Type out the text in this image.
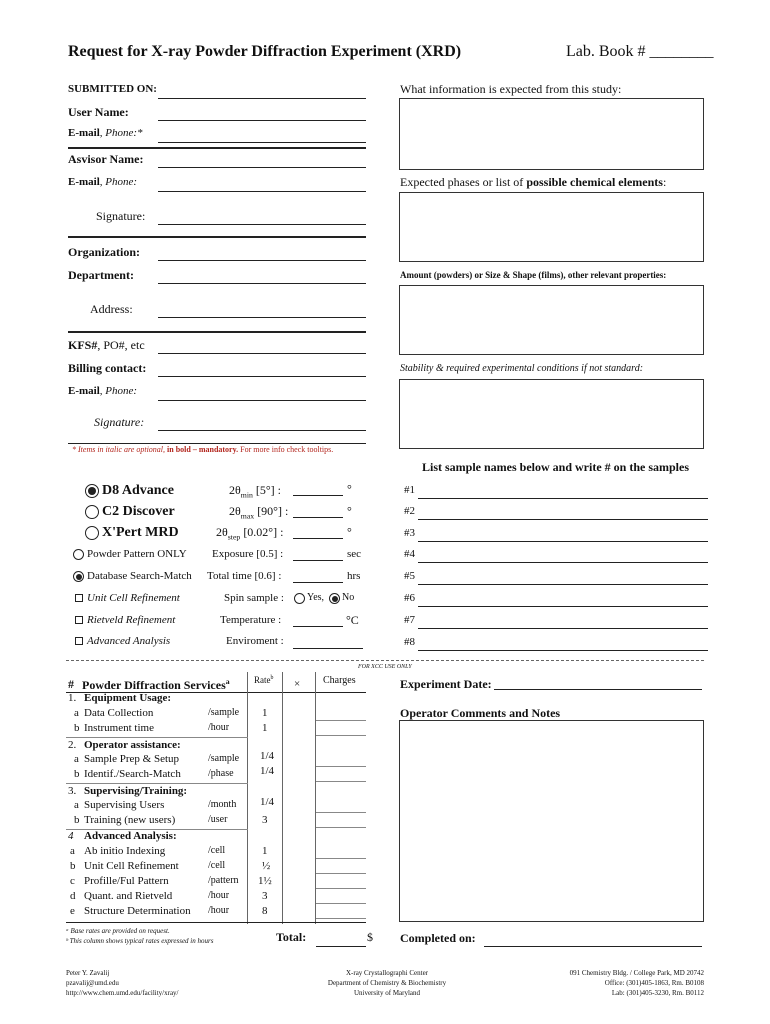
Request for X-ray Powder Diffraction Experiment (XRD)	Lab. Book # ________
SUBMITTED ON:
User Name:
E-mail, Phone:*
Asvisor Name:
E-mail, Phone:
Signature:
Organization:
Department:
Address:
KFS#, PO#, etc
Billing contact:
E-mail, Phone:
Signature:
* Items in italic are optional, in bold – mandatory. For more info check tooltips.
What information is expected from this study:
Expected phases or list of possible chemical elements:
Amount (powders) or Size & Shape (films), other relevant properties:
Stability & required experimental conditions if not standard:
List sample names below and write # on the samples
D8 Advance
C2 Discover
X'Pert MRD
Powder Pattern ONLY
Database Search-Match
Unit Cell Refinement
Rietveld Refinement
Advanced Analysis
$2\theta_{min}$ [5°] :	°
$2\theta_{max}$ [90°] :	°
$2\theta_{step}$ [0.02°] :	°
Exposure [0.5] :	sec
Total time [0.6] :	hrs
Spin sample : Yes, No
Temperature :	°C
Enviroment :
#1
#2
#3
#4
#5
#6
#7
#8
FOR XCC USE ONLY
# Powder Diffraction Services$^a$	Rate$^b$ × Charges
1. Equipment Usage:
a Data Collection	/sample 1
b Instrument time	/hour	1
2. Operator assistance:
a Sample Prep & Setup	/sample 1/4
b Identif./Search-Match	/phase 1/4
3. Supervising/Training:
a Supervising Users	/month 1/4
b Training (new users)	/user	3
4 Advanced Analysis:
a Ab initio Indexing	/cell	1
b Unit Cell Refinement	/cell	½
c Profille/Ful Pattern	/pattern 1½
d Quant. and Rietveld	/hour	3
e Structure Determination /hour	8
ᵃ Base rates are provided on request.
ᵇ This column shows typical rates expressed in hours	Total:	$
Experiment Date:
Operator Comments and Notes
Completed on:
Peter Y. Zavalij
pzavalij@umd.edu
http://www.chem.umd.edu/facility/xray/
X-ray Crystallographi Center
Department of Chemistry & Biochemistry
University of Maryland
091 Chemistry Bldg. / College Park, MD 20742
Office: (301)405-1863, Rm. B0108
Lab: (301)405-3230, Rm. B0112
